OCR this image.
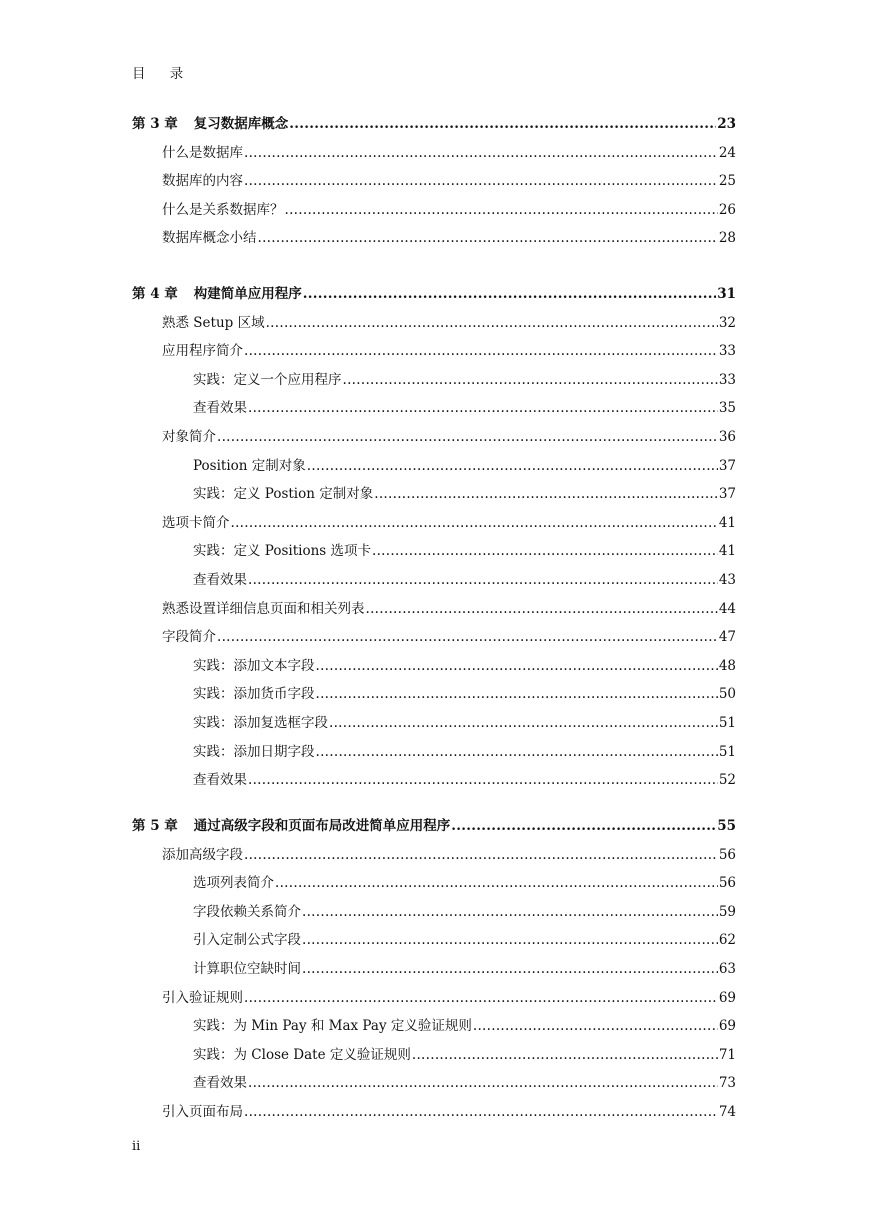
目 录
第 3 章 复习数据库概念 .....	23
什么是数据库 .....	24
数据库的内容 .....	25
什么是关系数据库？ .....	26
数据库概念小结 .....	28
第 4 章 构建简单应用程序 .....	31
熟悉 Setup 区域 .....	32
应用程序简介 .....	33
实践：定义一个应用程序 .....	33
查看效果 .....	35
对象简介 .....	36
Position 定制对象 .....	37
实践：定义 Postion 定制对象 .....	37
选项卡简介 .....	41
实践：定义 Positions 选项卡 .....	41
查看效果 .....	43
熟悉设置详细信息页面和相关列表 .....	44
字段简介 .....	47
实践：添加文本字段 .....	48
实践：添加货币字段 .....	50
实践：添加复选框字段 .....	51
实践：添加日期字段 .....	51
查看效果 .....	52
第 5 章 通过高级字段和页面布局改进简单应用程序 .....	55
添加高级字段 .....	56
选项列表简介 .....	56
字段依赖关系简介 .....	59
引入定制公式字段 .....	62
计算职位空缺时间 .....	63
引入验证规则 .....	69
实践：为 Min Pay 和 Max Pay 定义验证规则 .....	69
实践：为 Close Date 定义验证规则 .....	71
查看效果 .....	73
引入页面布局 .....	74
ii
